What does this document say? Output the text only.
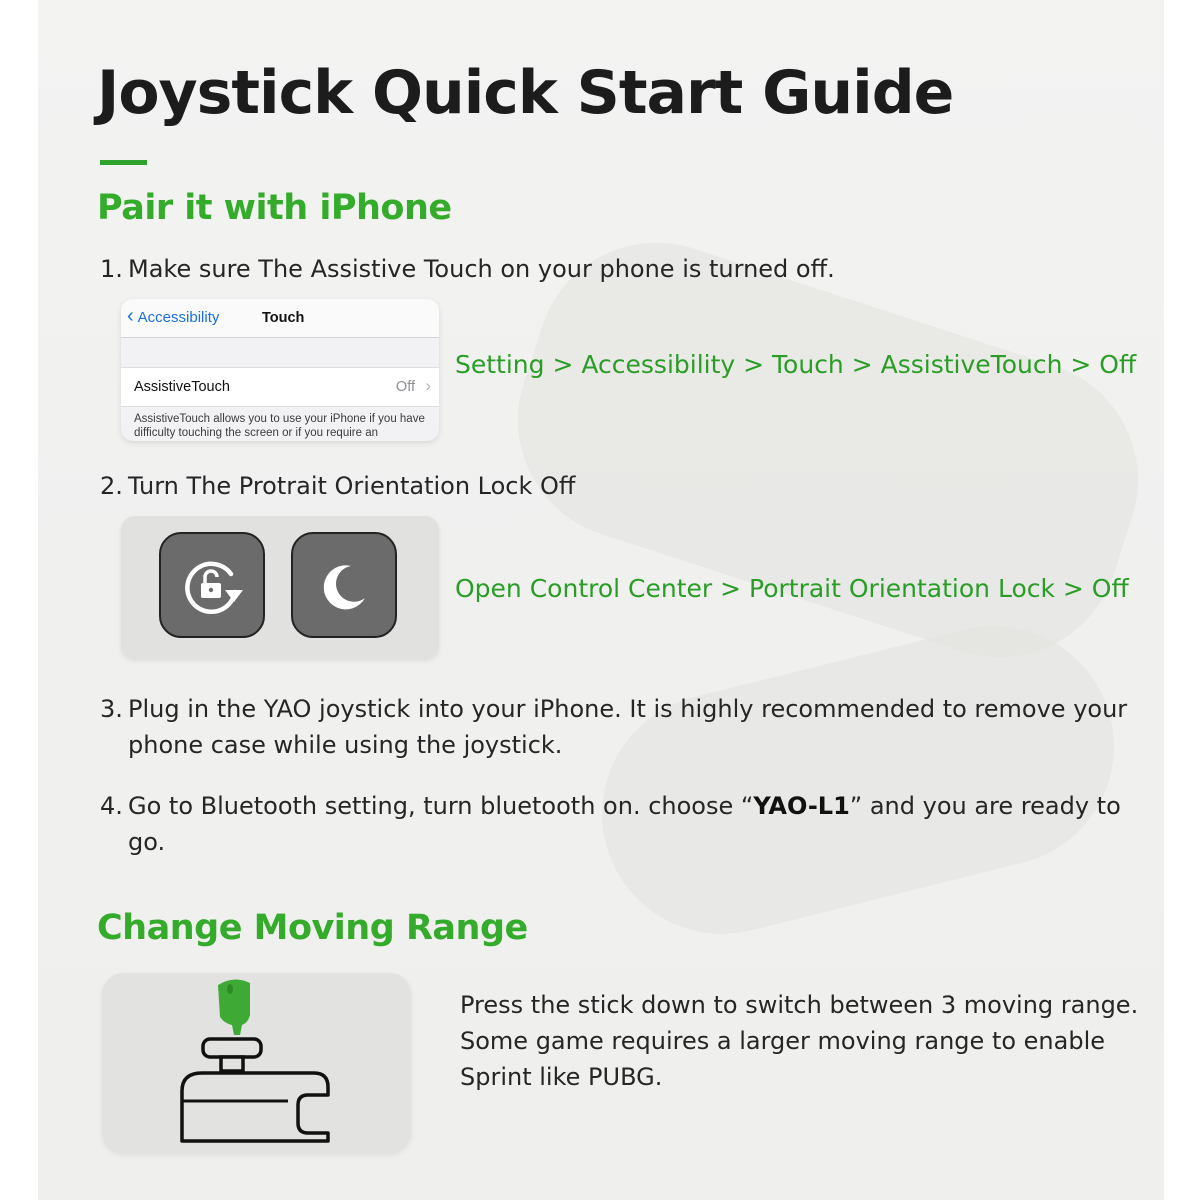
Joystick Quick Start Guide
Pair it with iPhone

1. Make sure The Assistive Touch on your phone is turned off.

‹ Accessibility	Touch
AssistiveTouch	Off ›
AssistiveTouch allows you to use your iPhone if you have difficulty touching the screen or if you require an

Setting > Accessibility > Touch > AssistiveTouch > Off

2. Turn The Protrait Orientation Lock Off

Open Control Center > Portrait Orientation Lock > Off

3. Plug in the YAO joystick into your iPhone. It is highly recommended to remove your phone case while using the joystick.

4. Go to Bluetooth setting, turn bluetooth on. choose “YAO-L1” and you are ready to go.

Change Moving Range
Press the stick down to switch between 3 moving range.
Some game requires a larger moving range to enable Sprint like PUBG.
